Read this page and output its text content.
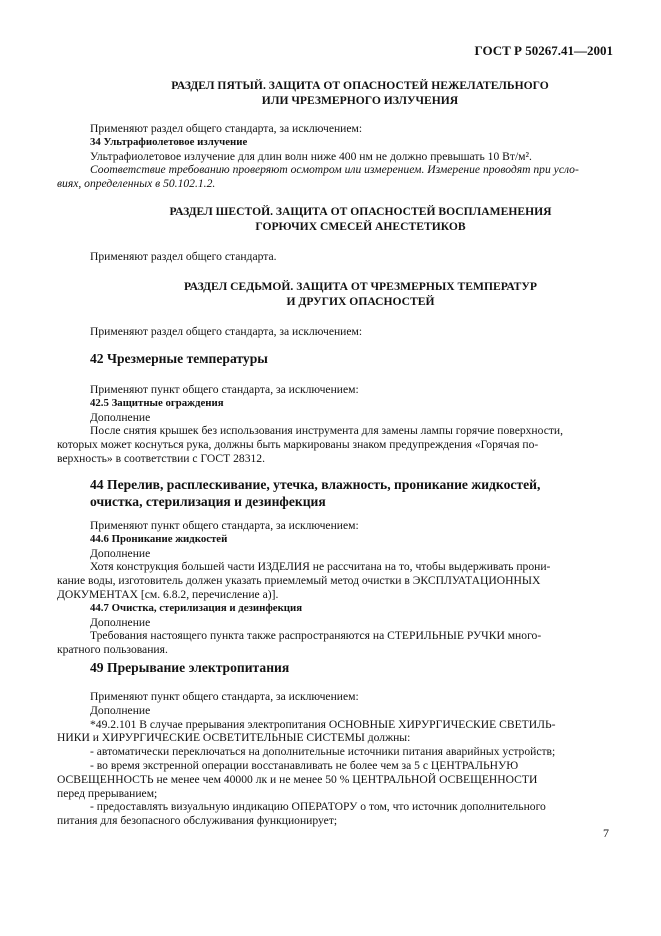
ГОСТ Р 50267.41—2001
РАЗДЕЛ ПЯТЫЙ. ЗАЩИТА ОТ ОПАСНОСТЕЙ НЕЖЕЛАТЕЛЬНОГО
ИЛИ ЧРЕЗМЕРНОГО ИЗЛУЧЕНИЯ
Применяют раздел общего стандарта, за исключением:
34 Ультрафиолетовое излучение
Ультрафиолетовое излучение для длин волн ниже 400 нм не должно превышать 10 Вт/м².
Соответствие требованию проверяют осмотром или измерением. Измерение проводят при усло-
виях, определенных в 50.102.1.2.
РАЗДЕЛ ШЕСТОЙ. ЗАЩИТА ОТ ОПАСНОСТЕЙ ВОСПЛАМЕНЕНИЯ
ГОРЮЧИХ СМЕСЕЙ АНЕСТЕТИКОВ
Применяют раздел общего стандарта.
РАЗДЕЛ СЕДЬМОЙ. ЗАЩИТА ОТ ЧРЕЗМЕРНЫХ ТЕМПЕРАТУР
И ДРУГИХ ОПАСНОСТЕЙ
Применяют раздел общего стандарта, за исключением:
42 Чрезмерные температуры
Применяют пункт общего стандарта, за исключением:
42.5 Защитные ограждения
Дополнение
После снятия крышек без использования инструмента для замены лампы горячие поверхности,
которых может коснуться рука, должны быть маркированы знаком предупреждения «Горячая по-
верхность» в соответствии с ГОСТ 28312.
44 Перелив, расплескивание, утечка, влажность, проникание жидкостей,
очистка, стерилизация и дезинфекция
Применяют пункт общего стандарта, за исключением:
44.6 Проникание жидкостей
Дополнение
Хотя конструкция большей части ИЗДЕЛИЯ не рассчитана на то, чтобы выдерживать прони-
кание воды, изготовитель должен указать приемлемый метод очистки в ЭКСПЛУАТАЦИОННЫХ
ДОКУМЕНТАХ [см. 6.8.2, перечисление а)].
44.7 Очистка, стерилизация и дезинфекция
Дополнение
Требования настоящего пункта также распространяются на СТЕРИЛЬНЫЕ РУЧКИ много-
кратного пользования.
49 Прерывание электропитания
Применяют пункт общего стандарта, за исключением:
Дополнение
*49.2.101 В случае прерывания электропитания ОСНОВНЫЕ ХИРУРГИЧЕСКИЕ СВЕТИЛЬ-
НИКИ и ХИРУРГИЧЕСКИЕ ОСВЕТИТЕЛЬНЫЕ СИСТЕМЫ должны:
- автоматически переключаться на дополнительные источники питания аварийных устройств;
- во время экстренной операции восстанавливать не более чем за 5 с ЦЕНТРАЛЬНУЮ
ОСВЕЩЕННОСТЬ не менее чем 40000 лк и не менее 50 % ЦЕНТРАЛЬНОЙ ОСВЕЩЕННОСТИ
перед прерыванием;
- предоставлять визуальную индикацию ОПЕРАТОРУ о том, что источник дополнительного
питания для безопасного обслуживания функционирует;
7
